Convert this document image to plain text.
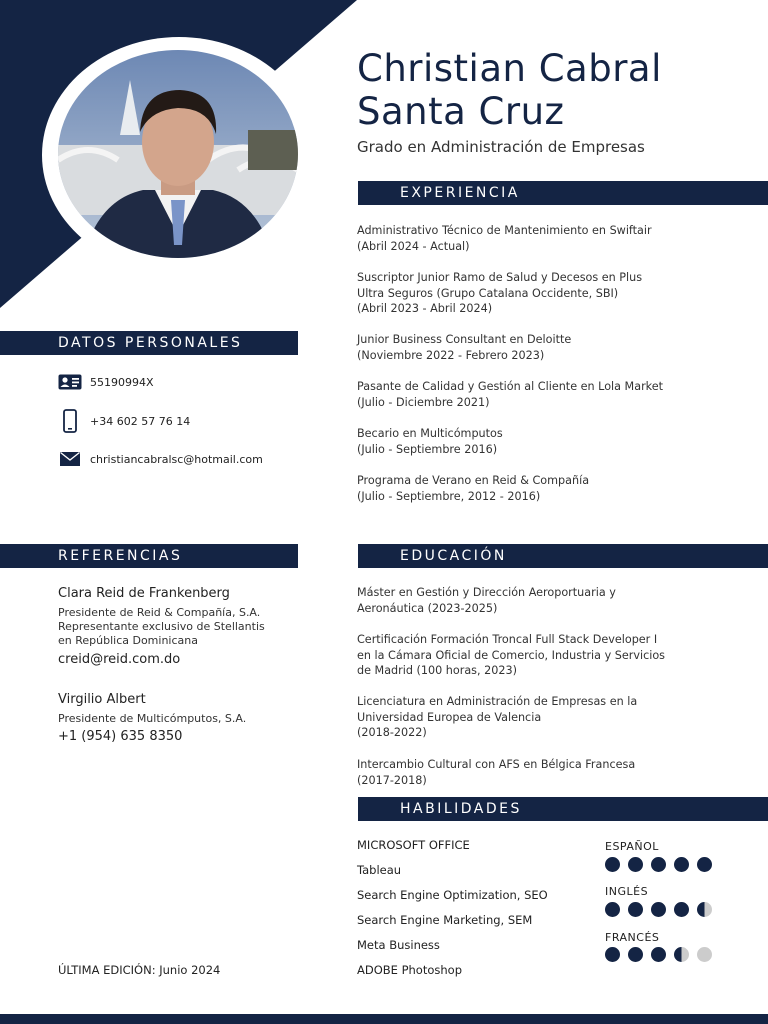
Christian Cabral
Santa Cruz
Grado en Administración de Empresas
EXPERIENCIA
Administrativo Técnico de Mantenimiento en Swiftair
(Abril 2024 - Actual)
Suscriptor Junior Ramo de Salud y Decesos en Plus
Ultra Seguros (Grupo Catalana Occidente, SBI)
(Abril 2023 - Abril 2024)
Junior Business Consultant en Deloitte
(Noviembre 2022 - Febrero 2023)
Pasante de Calidad y Gestión al Cliente en Lola Market
(Julio - Diciembre 2021)
Becario en Multicómputos
(Julio - Septiembre 2016)
Programa de Verano en Reid & Compañía
(Julio - Septiembre, 2012 - 2016)
DATOS PERSONALES
55190994X
+34 602 57 76 14
christiancabralsc@hotmail.com
REFERENCIAS
Clara Reid de Frankenberg
Presidente de Reid & Compañía, S.A.
Representante exclusivo de Stellantis
en República Dominicana
creid@reid.com.do
Virgilio Albert
Presidente de Multicómputos, S.A.
+1 (954) 635 8350
EDUCACIÓN
Máster en Gestión y Dirección Aeroportuaria y
Aeronáutica (2023-2025)
Certificación Formación Troncal Full Stack Developer I
en la Cámara Oficial de Comercio, Industria y Servicios
de Madrid (100 horas, 2023)
Licenciatura en Administración de Empresas en la
Universidad Europea de Valencia
(2018-2022)
Intercambio Cultural con AFS en Bélgica Francesa
(2017-2018)
HABILIDADES
MICROSOFT OFFICE
Tableau
Search Engine Optimization, SEO
Search Engine Marketing, SEM
Meta Business
ADOBE Photoshop
ESPAÑOL
INGLÉS
FRANCÉS
ÚLTIMA EDICIÓN: Junio 2024
